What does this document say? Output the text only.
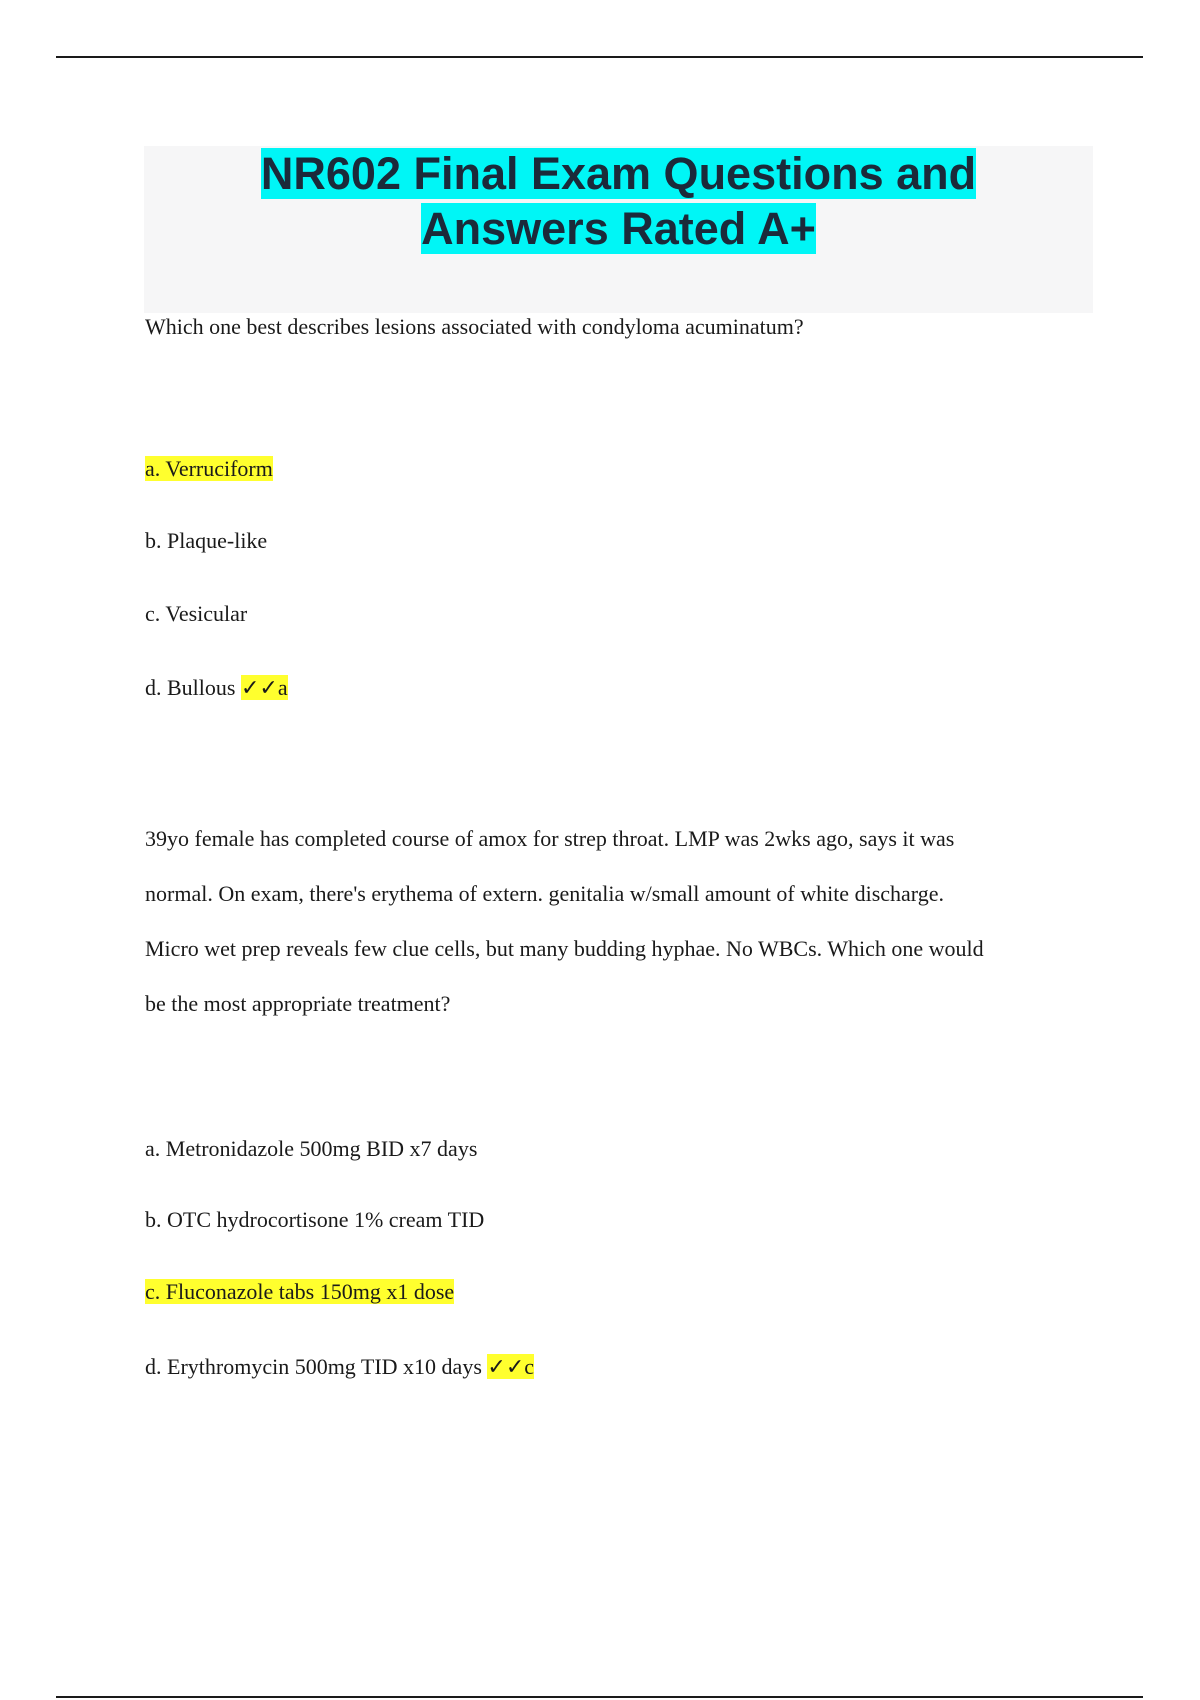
NR602 Final Exam Questions and
Answers Rated A+
Which one best describes lesions associated with condyloma acuminatum?
a. Verruciform
b. Plaque-like
c. Vesicular
d. Bullous ✓✓a
39yo female has completed course of amox for strep throat. LMP was 2wks ago, says it was
normal. On exam, there's erythema of extern. genitalia w/small amount of white discharge.
Micro wet prep reveals few clue cells, but many budding hyphae. No WBCs. Which one would
be the most appropriate treatment?
a. Metronidazole 500mg BID x7 days
b. OTC hydrocortisone 1% cream TID
c. Fluconazole tabs 150mg x1 dose
d. Erythromycin 500mg TID x10 days ✓✓c
